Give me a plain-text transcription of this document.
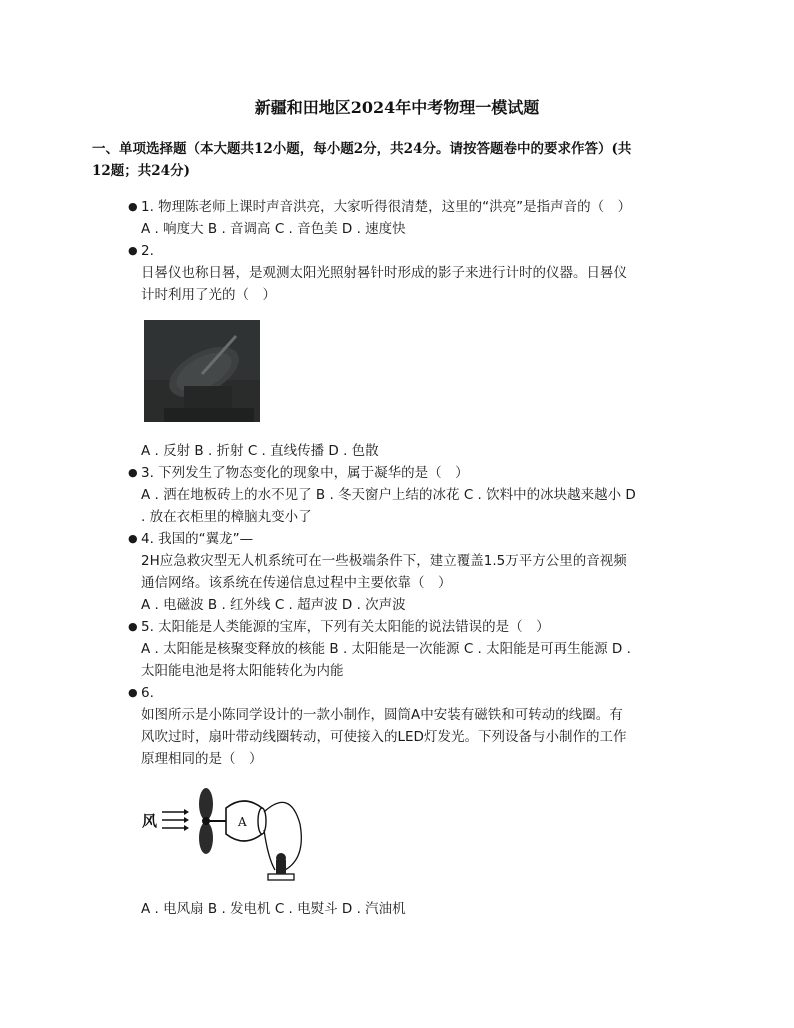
新疆和田地区2024年中考物理一模试题
一、单项选择题（本大题共12小题，每小题2分，共24分。请按答题卷中的要求作答）(共
12题；共24分)
● 1. 物理陈老师上课时声音洪亮，大家听得很清楚，这里的“洪亮”是指声音的（　）
A . 响度大 B . 音调高 C . 音色美 D . 速度快
● 2.
日晷仪也称日晷，是观测太阳光照射晷针时形成的影子来进行计时的仪器。日晷仪
计时利用了光的（　）
A . 反射 B . 折射 C . 直线传播 D . 色散
● 3. 下列发生了物态变化的现象中，属于凝华的是（　）
A . 洒在地板砖上的水不见了 B . 冬天窗户上结的冰花 C . 饮料中的冰块越来越小 D
. 放在衣柜里的樟脑丸变小了
● 4. 我国的“翼龙”—
2H应急救灾型无人机系统可在一些极端条件下，建立覆盖1.5万平方公里的音视频
通信网络。该系统在传递信息过程中主要依靠（　）
A . 电磁波 B . 红外线 C . 超声波 D . 次声波
● 5. 太阳能是人类能源的宝库，下列有关太阳能的说法错误的是（　）
A . 太阳能是核聚变释放的核能 B . 太阳能是一次能源 C . 太阳能是可再生能源 D .
太阳能电池是将太阳能转化为内能
● 6.
如图所示是小陈同学设计的一款小制作，圆筒A中安装有磁铁和可转动的线圈。有
风吹过时，扇叶带动线圈转动，可使接入的LED灯发光。下列设备与小制作的工作
原理相同的是（　）
风	A
A . 电风扇 B . 发电机 C . 电熨斗 D . 汽油机
